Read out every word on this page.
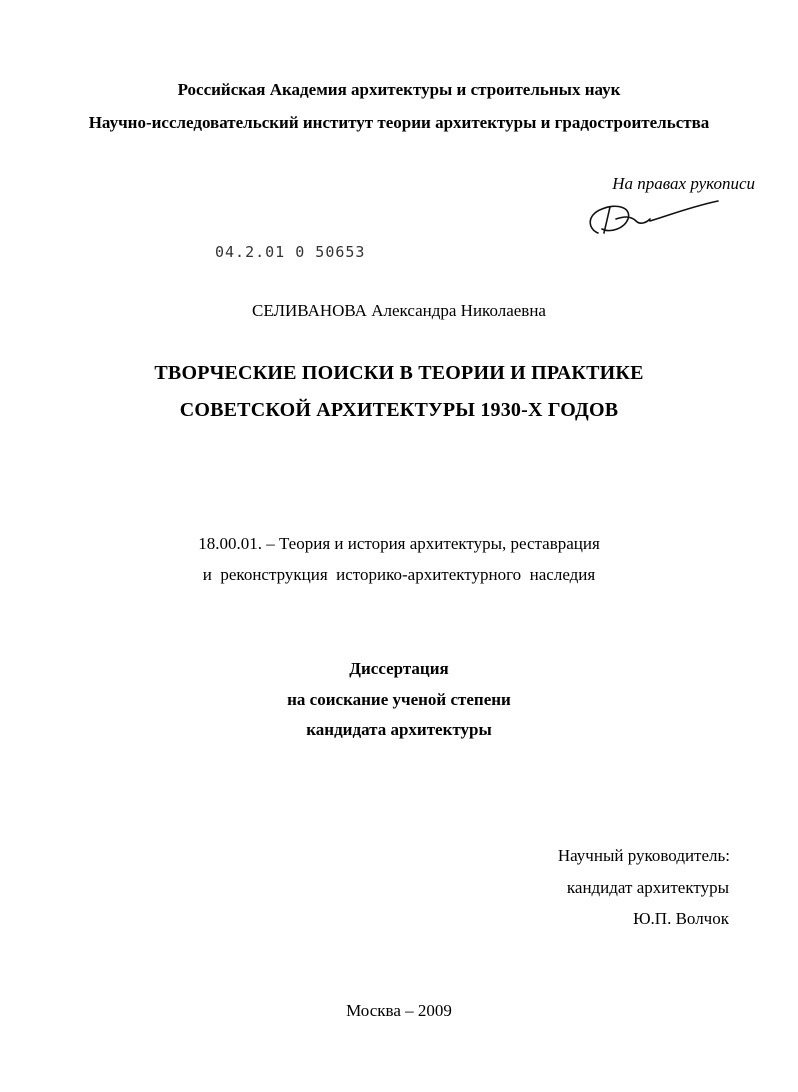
Российская Академия архитектуры и строительных наук
Научно-исследовательский институт теории архитектуры и градостроительства
На правах рукописи
04.2.01 0 50653
СЕЛИВАНОВА Александра Николаевна
ТВОРЧЕСКИЕ ПОИСКИ В ТЕОРИИ И ПРАКТИКЕ
СОВЕТСКОЙ АРХИТЕКТУРЫ 1930-Х ГОДОВ
18.00.01. – Теория и история архитектуры, реставрация
и  реконструкция  историко-архитектурного  наследия
Диссертация
на соискание ученой степени
кандидата архитектуры
Научный руководитель:
кандидат архитектуры
Ю.П. Волчок
Москва – 2009
